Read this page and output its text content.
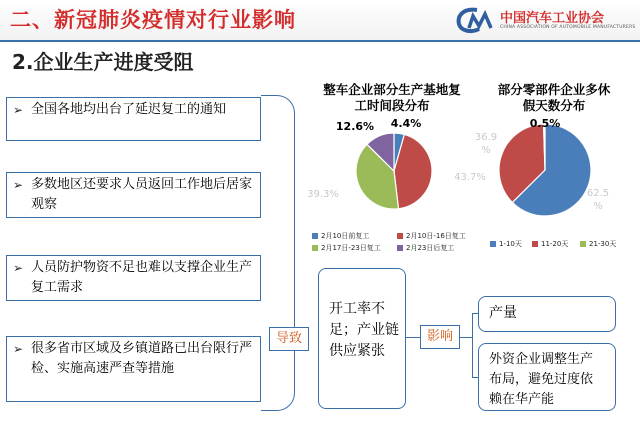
二、新冠肺炎疫情对行业影响	中国汽车工业协会
CHINA ASSOCIATION OF AUTOMOBILE MANUFACTURERS
2.企业生产进度受阻
➢ 全国各地均出台了延迟复工的通知
➢ 多数地区还要求人员返回工作地后居家观察
➢ 人员防护物资不足也难以支撑企业生产复工需求
➢ 很多省市区域及乡镇道路已出台限行严检、实施高速严查等措施
导致
开工率不足；产业链供应紧张
影响
产量
外资企业调整生产布局，避免过度依赖在华产能
整车企业部分生产基地复工时间段分布
部分零部件企业多休假天数分布
4.4%
43.7%
39.3%
12.6%
62.5 %
36.9 %
0.5%
2月10日前复工	2月10日-16日复工
2月17日-23日复工	2月23日后复工	1-10天	11-20天	21-30天
